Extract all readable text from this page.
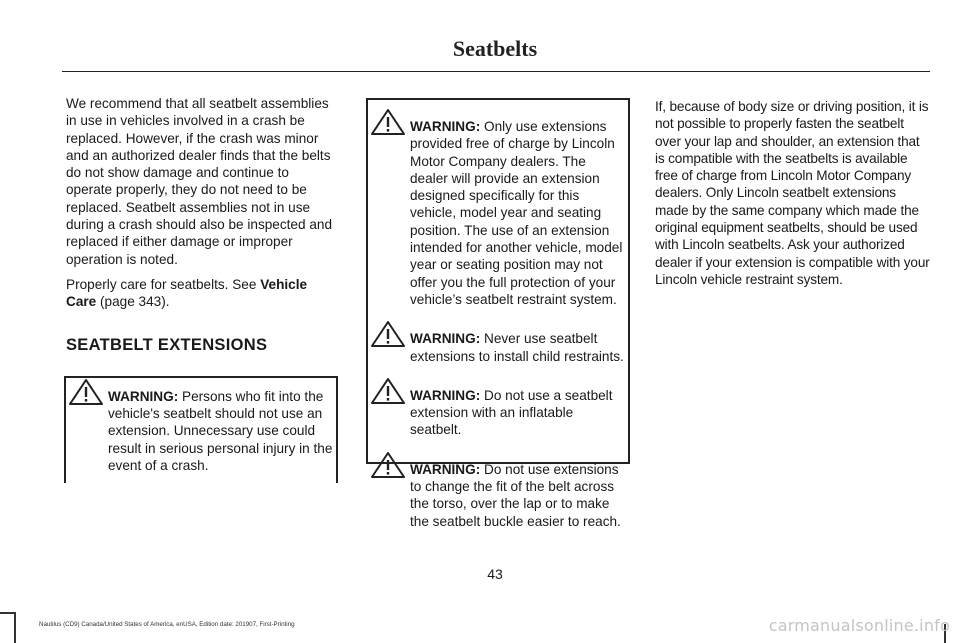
Seatbelts

We recommend that all seatbelt assemblies in use in vehicles involved in a crash be replaced. However, if the crash was minor and an authorized dealer finds that the belts do not show damage and continue to operate properly, they do not need to be replaced. Seatbelt assemblies not in use during a crash should also be inspected and replaced if either damage or improper operation is noted.

Properly care for seatbelts. See Vehicle Care (page 343).

SEATBELT EXTENSIONS
WARNING: Persons who fit into the vehicle's seatbelt should not use an extension. Unnecessary use could result in serious personal injury in the event of a crash.
WARNING: Only use extensions provided free of charge by Lincoln Motor Company dealers. The dealer will provide an extension designed specifically for this vehicle, model year and seating position. The use of an extension intended for another vehicle, model year or seating position may not offer you the full protection of your vehicle’s seatbelt restraint system.
WARNING: Never use seatbelt extensions to install child restraints.
WARNING: Do not use a seatbelt extension with an inflatable seatbelt.
WARNING: Do not use extensions to change the fit of the belt across the torso, over the lap or to make the seatbelt buckle easier to reach.

If, because of body size or driving position, it is not possible to properly fasten the seatbelt over your lap and shoulder, an extension that is compatible with the seatbelts is available free of charge from Lincoln Motor Company dealers. Only Lincoln seatbelt extensions made by the same company which made the original equipment seatbelts, should be used with Lincoln seatbelts. Ask your authorized dealer if your extension is compatible with your Lincoln vehicle restraint system.

43
Nautilus (CD9) Canada/United States of America, enUSA, Edition date: 201907, First-Printing	carmanualsonline.info
